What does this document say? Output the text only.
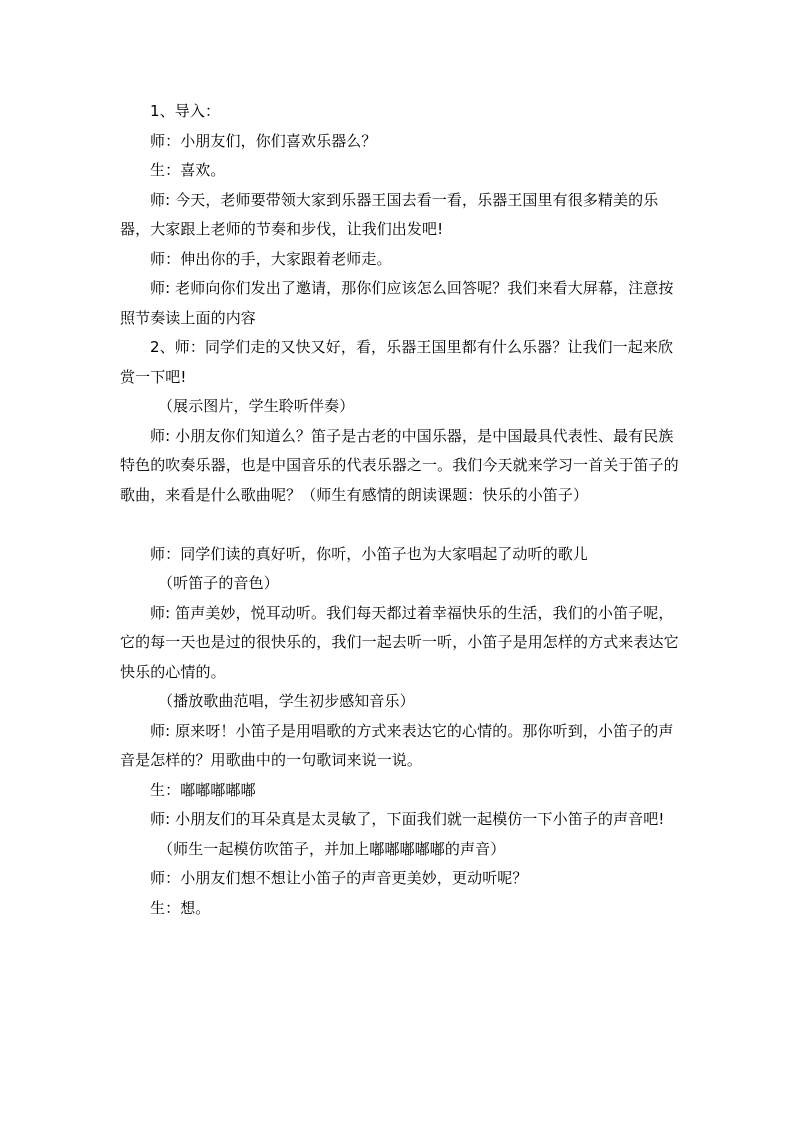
1、导入：

师：小朋友们，你们喜欢乐器么？

生：喜欢。

师: 今天，老师要带领大家到乐器王国去看一看，乐器王国里有很多精美的乐器，大家跟上老师的节奏和步伐，让我们出发吧!

师：伸出你的手，大家跟着老师走。

师: 老师向你们发出了邀请，那你们应该怎么回答呢？我们来看大屏幕，注意按照节奏读上面的内容

2、师：同学们走的又快又好，看，乐器王国里都有什么乐器？让我们一起来欣赏一下吧!

（展示图片，学生聆听伴奏）

师: 小朋友你们知道么？笛子是古老的中国乐器，是中国最具代表性、最有民族特色的吹奏乐器，也是中国音乐的代表乐器之一。我们今天就来学习一首关于笛子的歌曲，来看是什么歌曲呢？（师生有感情的朗读课题：快乐的小笛子）

师：同学们读的真好听，你听，小笛子也为大家唱起了动听的歌儿

（听笛子的音色）

师: 笛声美妙，悦耳动听。我们每天都过着幸福快乐的生活，我们的小笛子呢，它的每一天也是过的很快乐的，我们一起去听一听，小笛子是用怎样的方式来表达它快乐的心情的。

（播放歌曲范唱，学生初步感知音乐）

师: 原来呀！小笛子是用唱歌的方式来表达它的心情的。那你听到，小笛子的声音是怎样的？用歌曲中的一句歌词来说一说。

生：嘟嘟嘟嘟嘟

师: 小朋友们的耳朵真是太灵敏了，下面我们就一起模仿一下小笛子的声音吧!

（师生一起模仿吹笛子，并加上嘟嘟嘟嘟嘟的声音）

师：小朋友们想不想让小笛子的声音更美妙，更动听呢？

生：想。
